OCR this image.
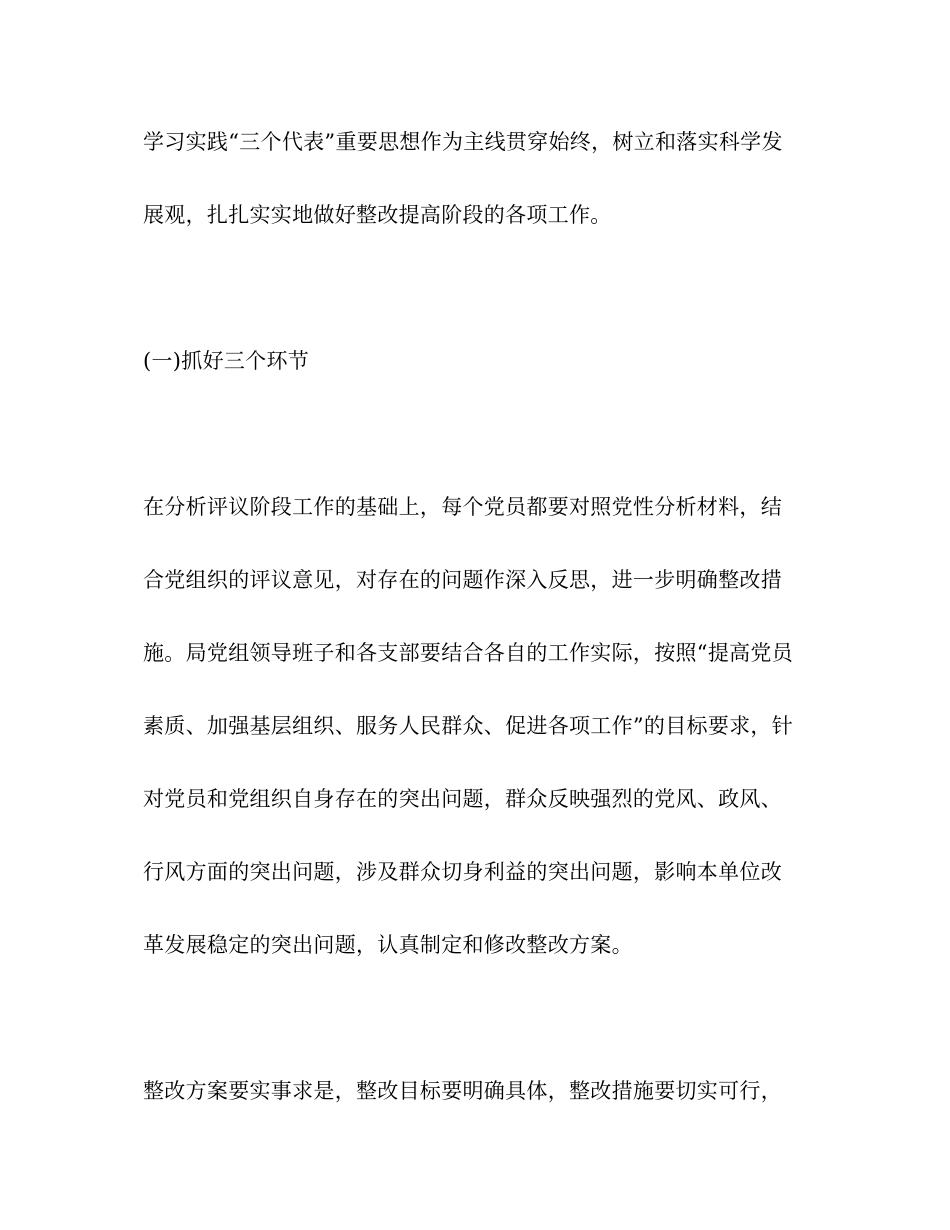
学习实践“三个代表”重要思想作为主线贯穿始终，树立和落实科学发
展观，扎扎实实地做好整改提高阶段的各项工作。
(一)抓好三个环节
在分析评议阶段工作的基础上，每个党员都要对照党性分析材料，结
合党组织的评议意见，对存在的问题作深入反思，进一步明确整改措
施。局党组领导班子和各支部要结合各自的工作实际，按照“提高党员
素质、加强基层组织、服务人民群众、促进各项工作”的目标要求，针
对党员和党组织自身存在的突出问题，群众反映强烈的党风、政风、
行风方面的突出问题，涉及群众切身利益的突出问题，影响本单位改
革发展稳定的突出问题，认真制定和修改整改方案。
整改方案要实事求是，整改目标要明确具体，整改措施要切实可行，
